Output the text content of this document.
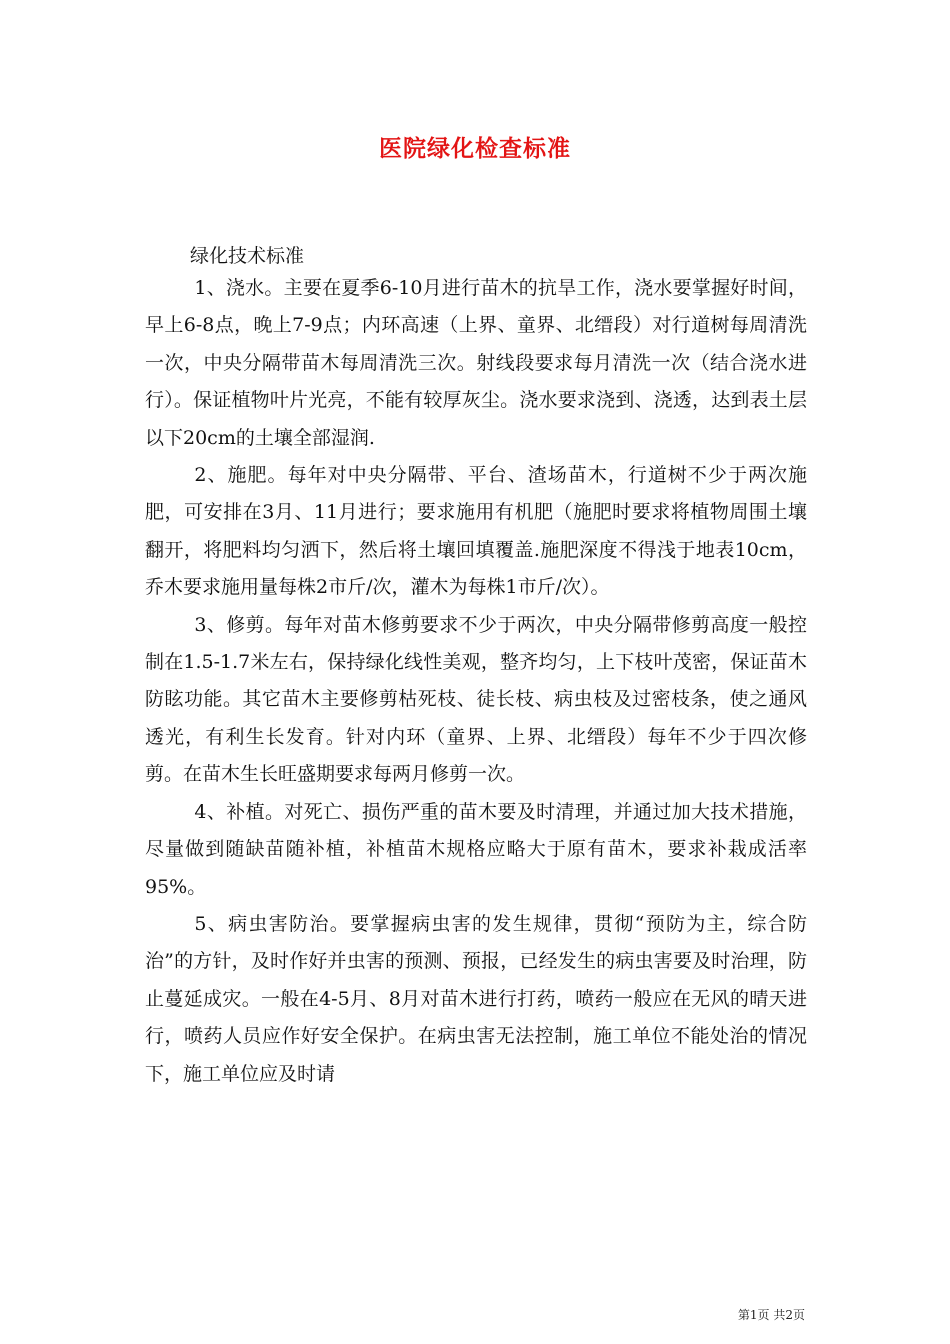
医院绿化检查标准
绿化技术标准

1、浇水。主要在夏季6-10月进行苗木的抗旱工作，浇水要掌握好时间，早上6-8点，晚上7-9点；内环高速（上界、童界、北缙段）对行道树每周清洗一次，中央分隔带苗木每周清洗三次。射线段要求每月清洗一次（结合浇水进行）。保证植物叶片光亮，不能有较厚灰尘。浇水要求浇到、浇透，达到表土层以下20cm的土壤全部湿润.

2、施肥。每年对中央分隔带、平台、渣场苗木，行道树不少于两次施肥，可安排在3月、11月进行；要求施用有机肥（施肥时要求将植物周围土壤翻开，将肥料均匀洒下，然后将土壤回填覆盖.施肥深度不得浅于地表10cm，乔木要求施用量每株2市斤/次，灌木为每株1市斤/次）。

3、修剪。每年对苗木修剪要求不少于两次，中央分隔带修剪高度一般控制在1.5-1.7米左右，保持绿化线性美观，整齐均匀，上下枝叶茂密，保证苗木防眩功能。其它苗木主要修剪枯死枝、徒长枝、病虫枝及过密枝条，使之通风透光，有利生长发育。针对内环（童界、上界、北缙段）每年不少于四次修剪。在苗木生长旺盛期要求每两月修剪一次。

4、补植。对死亡、损伤严重的苗木要及时清理，并通过加大技术措施，尽量做到随缺苗随补植，补植苗木规格应略大于原有苗木，要求补栽成活率95%。

5、病虫害防治。要掌握病虫害的发生规律，贯彻“预防为主，综合防治”的方针，及时作好并虫害的预测、预报，已经发生的病虫害要及时治理，防止蔓延成灾。一般在4-5月、8月对苗木进行打药，喷药一般应在无风的晴天进行，喷药人员应作好安全保护。在病虫害无法控制，施工单位不能处治的情况下，施工单位应及时请

第1页 共2页
